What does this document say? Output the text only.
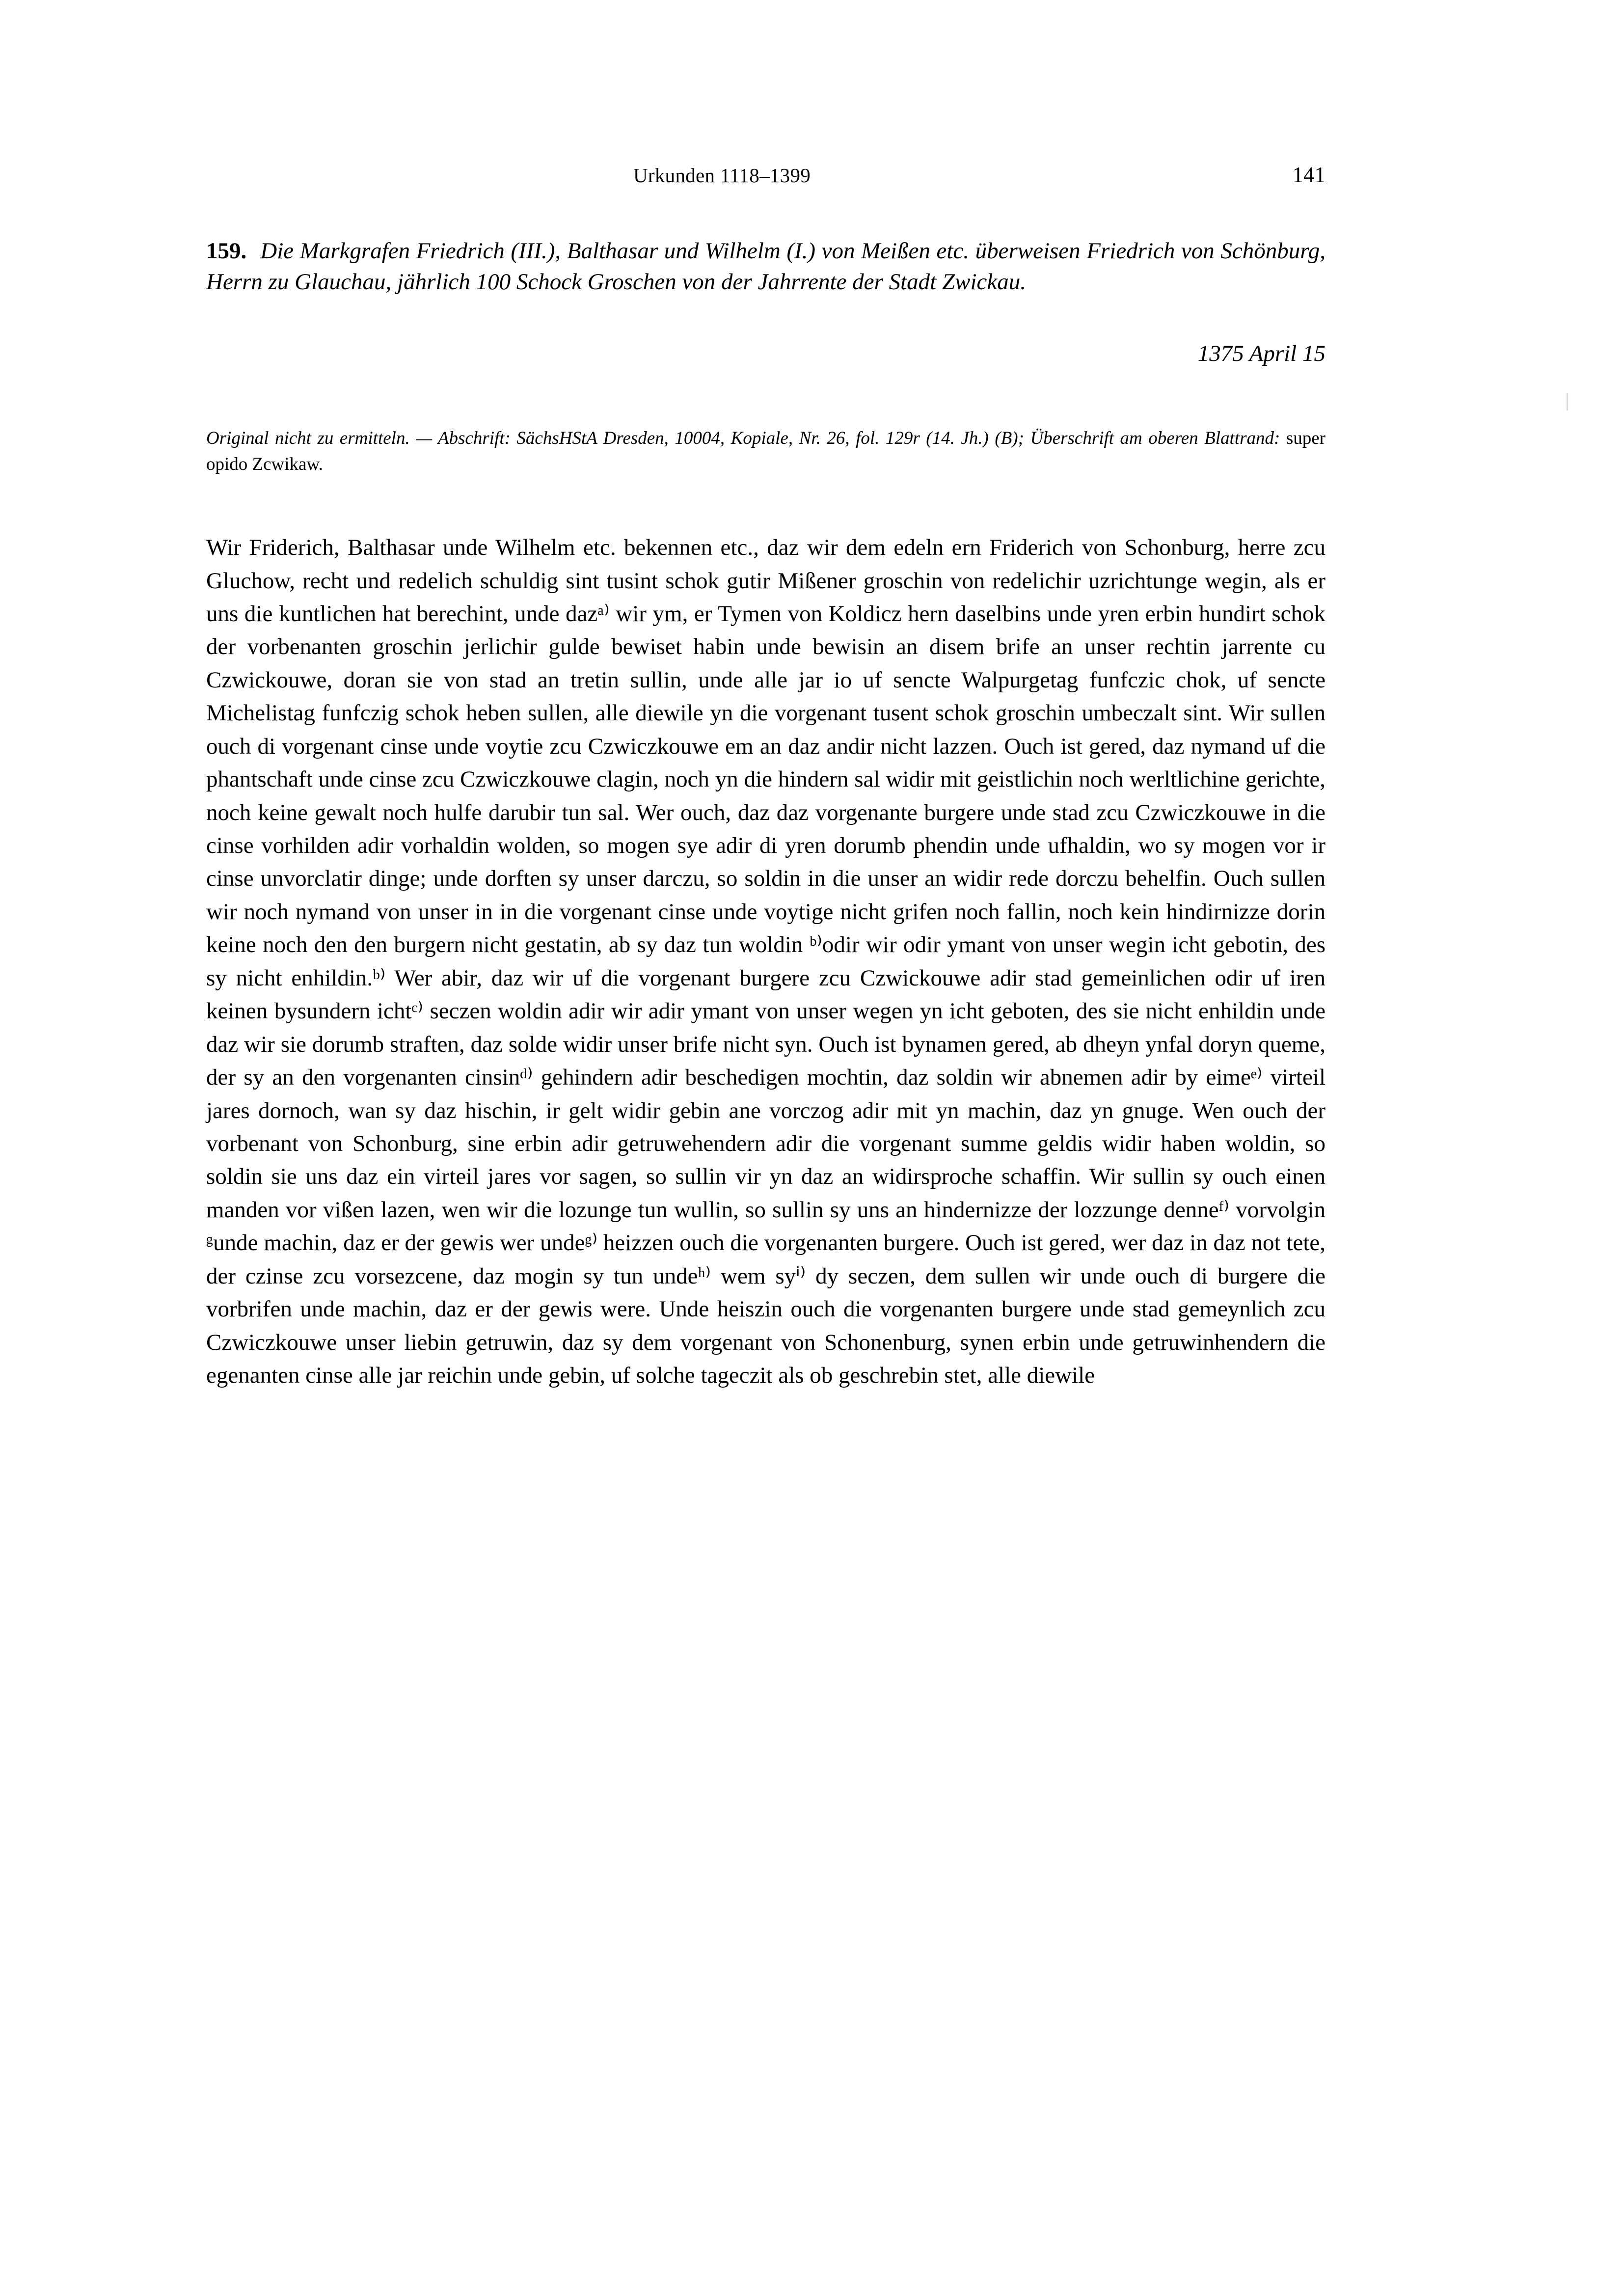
Urkunden 1118–1399	141

159. Die Markgrafen Friedrich (III.), Balthasar und Wilhelm (I.) von Meißen etc. überweisen Friedrich von Schönburg, Herrn zu Glauchau, jährlich 100 Schock Groschen von der Jahrrente der Stadt Zwickau.

1375 April 15

Original nicht zu ermitteln. — Abschrift: SächsHStA Dresden, 10004, Kopiale, Nr. 26, fol. 129r (14. Jh.) (B); Überschrift am oberen Blattrand: super opido Zcwikaw.

Wir Friderich, Balthasar unde Wilhelm etc. bekennen etc., daz wir dem edeln ern Friderich von Schonburg, herre zcu Gluchow, recht und redelich schuldig sint tusint schok gutir Mißener groschin von redelichir uzrichtunge wegin, als er uns die kuntlichen hat berechint, unde dazᵃ⁾ wir ym, er Tymen von Koldicz hern daselbins unde yren erbin hundirt schok der vorbenanten groschin jerlichir gulde bewiset habin unde bewisin an disem brife an unser rechtin jarrente cu Czwickouwe, doran sie von stad an tretin sullin, unde alle jar io uf sencte Walpurgetag funfczic chok, uf sencte Michelistag funfczig schok heben sullen, alle diewile yn die vorgenant tusent schok groschin umbeczalt sint. Wir sullen ouch di vorgenant cinse unde voytie zcu Czwiczkouwe em an daz andir nicht lazzen. Ouch ist gered, daz nymand uf die phantschaft unde cinse zcu Czwiczkouwe clagin, noch yn die hindern sal widir mit geistlichin noch werltlichine gerichte, noch keine gewalt noch hulfe darubir tun sal. Wer ouch, daz daz vorgenante burgere unde stad zcu Czwiczkouwe in die cinse vorhilden adir vorhaldin wolden, so mogen sye adir di yren dorumb phendin unde ufhaldin, wo sy mogen vor ir cinse unvorclatir dinge; unde dorften sy unser darczu, so soldin in die unser an widir rede dorczu behelfin. Ouch sullen wir noch nymand von unser in in die vorgenant cinse unde voytige nicht grifen noch fallin, noch kein hindirnizze dorin keine noch den den burgern nicht gestatin, ab sy daz tun woldin ᵇ⁾odir wir odir ymant von unser wegin icht gebotin, des sy nicht enhildin.ᵇ⁾ Wer abir, daz wir uf die vorgenant burgere zcu Czwickouwe adir stad gemeinlichen odir uf iren keinen bysundern ichtᶜ⁾ seczen woldin adir wir adir ymant von unser wegen yn icht geboten, des sie nicht enhildin unde daz wir sie dorumb straften, daz solde widir unser brife nicht syn. Ouch ist bynamen gered, ab dheyn ynfal doryn queme, der sy an den vorgenanten cinsinᵈ⁾ gehindern adir beschedigen mochtin, daz soldin wir abnemen adir by eimeᵉ⁾ virteil jares dornoch, wan sy daz hischin, ir gelt widir gebin ane vorczog adir mit yn machin, daz yn gnuge. Wen ouch der vorbenant von Schonburg, sine erbin adir getruwehendern adir die vorgenant summe geldis widir haben woldin, so soldin sie uns daz ein virteil jares vor sagen, so sullin vir yn daz an widirsproche schaffin. Wir sullin sy ouch einen manden vor vißen lazen, wen wir die lozunge tun wullin, so sullin sy uns an hindernizze der lozzunge denneᶠ⁾ vorvolgin ᵍunde machin, daz er der gewis wer undeᵍ⁾ heizzen ouch die vorgenanten burgere. Ouch ist gered, wer daz in daz not tete, der czinse zcu vorsezcene, daz mogin sy tun undeʰ⁾ wem syⁱ⁾ dy seczen, dem sullen wir unde ouch di burgere die vorbrifen unde machin, daz er der gewis were. Unde heiszin ouch die vorgenanten burgere unde stad gemeynlich zcu Czwiczkouwe unser liebin getruwin, daz sy dem vorgenant von Schonenburg, synen erbin unde getruwinhendern die egenanten cinse alle jar reichin unde gebin, uf solche tageczit als ob geschrebin stet, alle diewile
